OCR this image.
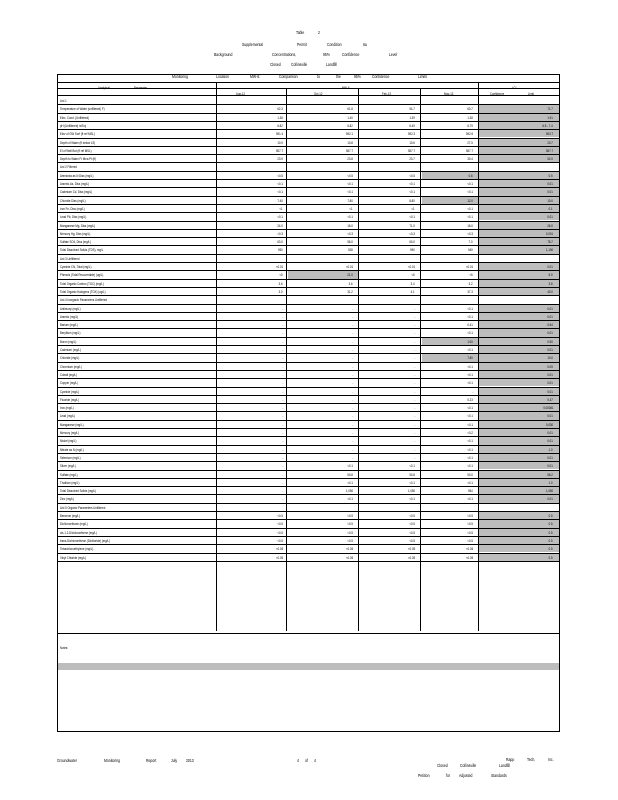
Table	2
Supplemental	Permit	Condition	6a
Background	Concentrations,	95%	Confidence	Level
Closed Collinsville	Landfill
Monitoring	Location	MW-6:	Comparison	to	the	95% Confidence	Limits
Analytical	Parameter	MW-6	LCL
Aug-12	Oct-12	Feb-13	May-13	Confidence	Limit
List 1
Temperature of Water (unfiltered) F)	62.3	61.8	54.7	60.7	71.7
Elec. Cond. (Unfiltered)	1.38	1.40	1.39	1.38	1.91
pH (Unfiltered) mS/cj	6.82	6.82	6.49	6.79	6.5 - 7.4
Elev of GW Surf (ft ref MSL)	591.4	592.1	592.3	592.6	593.7
Depth of Water (ft below LS)	10.9	10.8	10.6	27.5	20.7
El of Well Bot (ft ref MSL)	557.7	557.7	557.7	557.7	557.7
Depth to Water Fr Mea Pt (ft)	23.9	23.8	23.7	30.4	52.0
List 2 Filtered
Ammonia as N Diss (mg/L)	<0.5	<0.5	<0.5	0.6	0.5
Arsenic As, Diss (mg/L)	<0.1	<0.1	<0.1	<0.1	0.01
Cadmium Cd, Diss (mg/L)	<0.1	<0.1	<0.1	<0.1	0.01
Chloride Diss (mg/L)	7.40	7.80	8.80	12.0	10.0
Iron Fe, Diss (mg/L)	<1	<1	<1	<0.1	0.1
Lead Pb, Diss (mg/L)	<0.1	<0.1	<0.1	<0.1	0.01
Manganese Mg, Diss (mg/L)	24.0	16.0	71.0	16.0	26.0
Mercury Hg, Diss (mg/L)	<0.3	<0.3	<0.3	<0.3	0.001
Sulfate SO4, Diss (mg/L)	63.0	58.0	60.0	7.0	78.7
Total Dissolved Solids (TDS), mg/L	950	928	990	940	1,100
List 3 Unfiltered
Cyanide CN, Total (mg/L)	<0.01	<0.01	<0.01	<0.01	0.01
Phenols (Total Recoverable) (ug/L)	<5	21.0	<5	<5	5.0
Total Organic Carbon (TOC) (mg/L)	3.6	3.6	3.4	3.2	3.8
Total Organic Halogens (TOX) (ug/L)	3.0	31.2	4.1	37.3	40.0
List 4 Inorganic Parameters Unfiltered
Antimony (mg/L)	-	-	-	<0.1	0.01
Arsenic (mg/L)	-	-	-	<0.1	0.01
Barium (mg/L)	-	-	-	0.41	0.54
Beryllium (mg/L)	-	-	-	<0.1	0.01
Boron (mg/L)	-	-	-	1.00	0.50
Cadmium (mg/L)	-	-	-	<0.1	0.01
Chloride (mg/L)	-	-	-	7.80	10.0
Chromium (mg/L)	-	-	-	<0.1	0.05
Cobalt (mg/L)	-	-	-	<0.1	0.01
Copper (mg/L)	-	-	-	<0.1	0.01
Cyanide (mg/L)	-	-	-	-	0.01
Fluoride (mg/L)	-	-	-	0.23	0.47
Iron (mg/L)	-	-	-	<0.1	0.00081
Lead (mg/L)	-	-	-	<0.1	0.01
Manganese (mg/L)	-	-	-	<0.1	0.030
Mercury (mg/L)	-	-	-	<0.2	0.01
Nickel (mg/L)	-	-	-	<0.1	0.01
Nitrate as N (mg/L)	-	-	-	<0.1	1.0
Selenium (mg/L)	-	-	-	<0.1	0.01
Silver (mg/L)	-	<0.1	<0.1	<0.1	0.01
Sulfate (mg/L)	-	50.8	50.8	53.0	56.2
Thallium (mg/L)	-	<0.1	<0.1	<0.1	1.0
Total Dissolved Solids (mg/L)	-	1,050	1,050	954	1,050
Zinc (mg/L)	-	<0.1	<0.1	<0.1	0.01
List 5 Organic Parameters Unfiltered
Benzene (mg/L)	<0.5	<0.5	<0.5	<0.5	0.5
Dichloroethane (mg/L)	<0.5	<0.5	<0.5	<0.5	0.5
cis-1,2-Dichloroethene (mg/L)	<0.5	<0.5	<0.5	<0.5	0.5
trans-Dichloroethene (Dichloride) (mg/L)	<0.5	<0.5	<0.5	<0.5	0.5
Tetrachloroethylene (mg/L)	<0.05	<0.05	<0.05	<0.05	0.5
Vinyl Chloride (mg/L)	<0.05	<0.05	<0.05	<0.05	0.5
Notes:
Groundwater	Monitoring	Report	July 2013	4 of 4
Closed	Collinsville
Petition	for Adjusted	Standards
Rapp	Tech,	Inc.
Landfill
